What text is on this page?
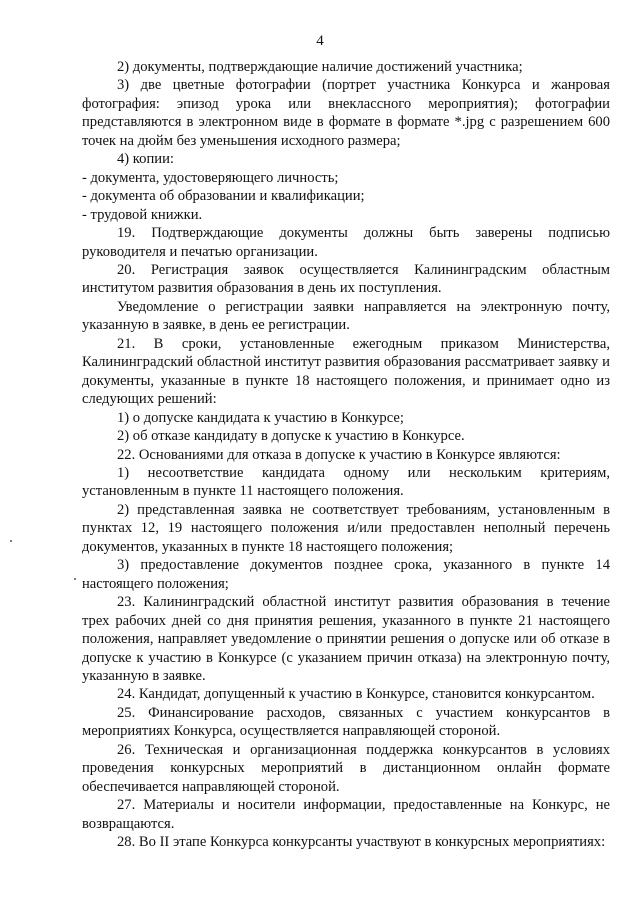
4

2) документы, подтверждающие наличие достижений участника;

3) две цветные фотографии (портрет участника Конкурса и жанровая фотография: эпизод урока или внеклассного мероприятия); фотографии представляются в электронном виде в формате в формате *.jpg с разрешением 600 точек на дюйм без уменьшения исходного размера;

4) копии:

- документа, удостоверяющего личность;

- документа об образовании и квалификации;

- трудовой книжки.

19. Подтверждающие документы должны быть заверены подписью руководителя и печатью организации.

20. Регистрация заявок осуществляется Калининградским областным институтом развития образования в день их поступления.

Уведомление о регистрации заявки направляется на электронную почту, указанную в заявке, в день ее регистрации.

21. В сроки, установленные ежегодным приказом Министерства, Калининградский областной институт развития образования рассматривает заявку и документы, указанные в пункте 18 настоящего положения, и принимает одно из следующих решений:

1) о допуске кандидата к участию в Конкурсе;

2) об отказе кандидату в допуске к участию в Конкурсе.

22. Основаниями для отказа в допуске к участию в Конкурсе являются:

1) несоответствие кандидата одному или нескольким критериям, установленным в пункте 11 настоящего положения.

2) представленная заявка не соответствует требованиям, установленным в пунктах 12, 19 настоящего положения и/или предоставлен неполный перечень документов, указанных в пункте 18 настоящего положения;

3) предоставление документов позднее срока, указанного в пункте 14 настоящего положения;

23. Калининградский областной институт развития образования в течение трех рабочих дней со дня принятия решения, указанного в пункте 21 настоящего положения, направляет уведомление о принятии решения о допуске или об отказе в допуске к участию в Конкурсе (с указанием причин отказа) на электронную почту, указанную в заявке.

24. Кандидат, допущенный к участию в Конкурсе, становится конкурсантом.

25. Финансирование расходов, связанных с участием конкурсантов в мероприятиях Конкурса, осуществляется направляющей стороной.

26. Техническая и организационная поддержка конкурсантов в условиях проведения конкурсных мероприятий в дистанционном онлайн формате обеспечивается направляющей стороной.

27. Материалы и носители информации, предоставленные на Конкурс, не возвращаются.

28. Во II этапе Конкурса конкурсанты участвуют в конкурсных мероприятиях:
